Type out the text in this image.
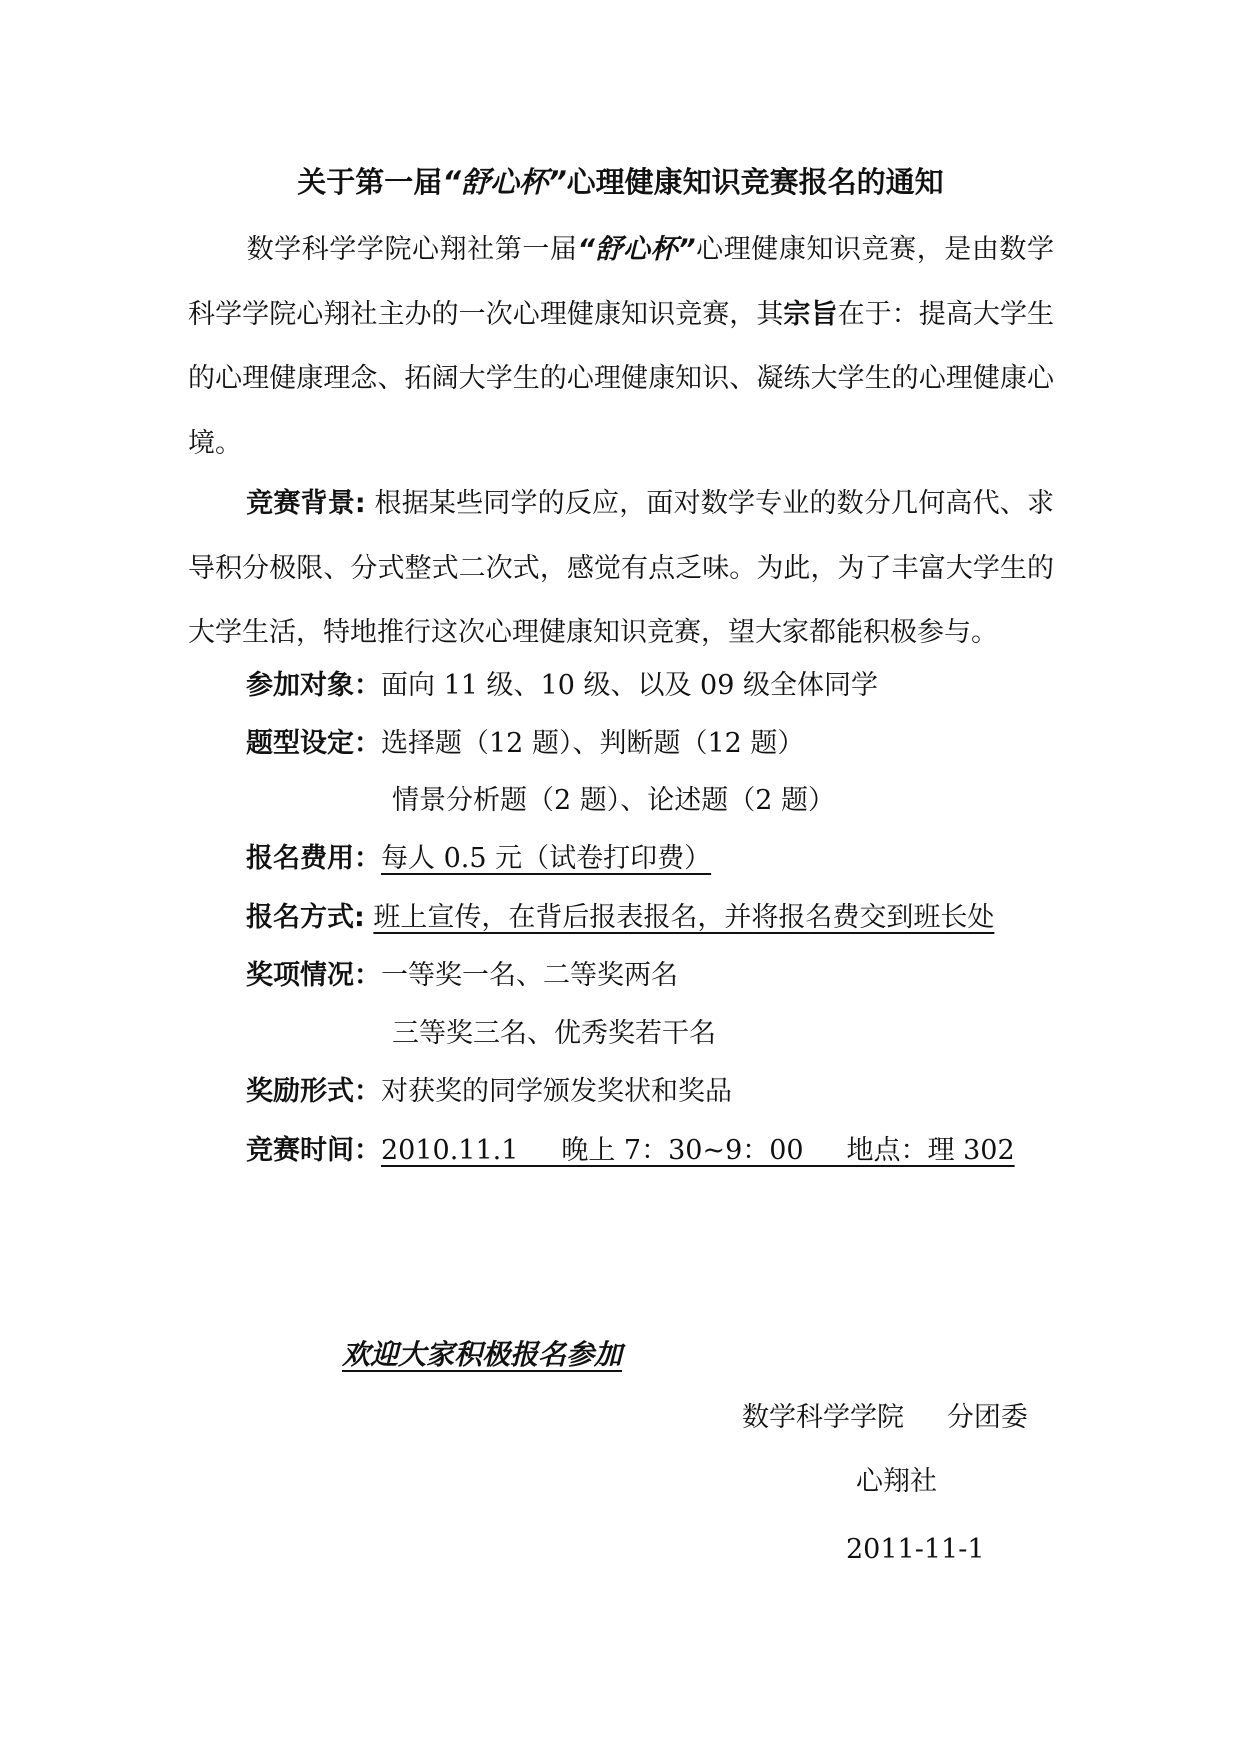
关于第一届“舒心杯”心理健康知识竞赛报名的通知
数学科学学院心翔社第一届“舒心杯”心理健康知识竞赛，是由数学科学学院心翔社主办的一次心理健康知识竞赛，其宗旨在于：提高大学生的心理健康理念、拓阔大学生的心理健康知识、凝练大学生的心理健康心境。
竞赛背景: 根据某些同学的反应，面对数学专业的数分几何高代、求导积分极限、分式整式二次式，感觉有点乏味。为此，为了丰富大学生的大学生活，特地推行这次心理健康知识竞赛，望大家都能积极参与。
参加对象：面向 11 级、10 级、以及 09 级全体同学
题型设定：选择题（12 题）、判断题（12 题）
情景分析题（2 题）、论述题（2 题）
报名费用：每人 0.5 元（试卷打印费）
报名方式: 班上宣传，在背后报表报名，并将报名费交到班长处
奖项情况：一等奖一名、二等奖两名
三等奖三名、优秀奖若干名
奖励形式：对获奖的同学颁发奖状和奖品
竞赛时间：2010.11.1     晚上 7：30~9：00     地点：理 302
欢迎大家积极报名参加
数学科学学院     分团委
心翔社
2011-11-1
